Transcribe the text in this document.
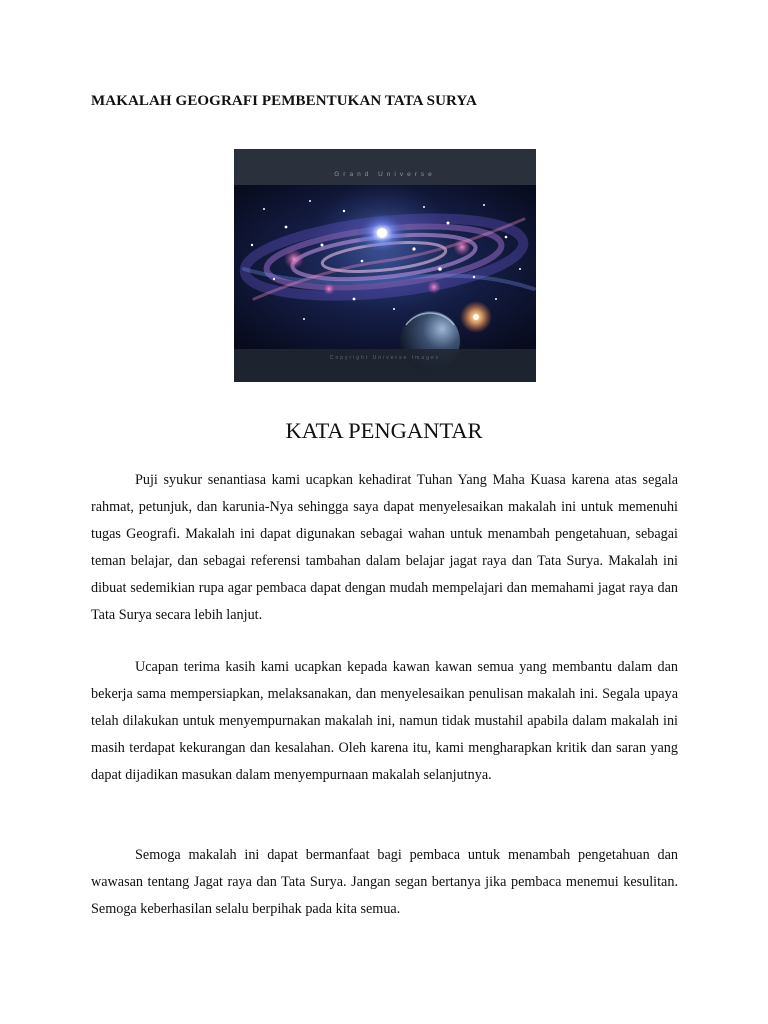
MAKALAH GEOGRAFI PEMBENTUKAN TATA SURYA
Grand Universe
Copyright Universe Images
KATA PENGANTAR

Puji syukur senantiasa kami ucapkan kehadirat Tuhan Yang Maha Kuasa karena atas segala rahmat, petunjuk, dan karunia-Nya sehingga saya dapat menyelesaikan makalah ini untuk memenuhi tugas Geografi. Makalah ini dapat digunakan sebagai wahan untuk menambah pengetahuan, sebagai teman belajar, dan sebagai referensi tambahan dalam belajar jagat raya dan Tata Surya. Makalah ini dibuat sedemikian rupa agar pembaca dapat dengan mudah mempelajari dan memahami jagat raya dan Tata Surya secara lebih lanjut.

Ucapan terima kasih kami ucapkan kepada kawan kawan semua yang membantu dalam dan bekerja sama mempersiapkan, melaksanakan, dan menyelesaikan penulisan makalah ini. Segala upaya telah dilakukan untuk menyempurnakan makalah ini, namun tidak mustahil apabila dalam makalah ini masih terdapat kekurangan dan kesalahan. Oleh karena itu, kami mengharapkan kritik dan saran yang dapat dijadikan masukan dalam menyempurnaan makalah selanjutnya.

Semoga makalah ini dapat bermanfaat bagi pembaca untuk menambah pengetahuan dan wawasan tentang Jagat raya dan Tata Surya. Jangan segan bertanya jika pembaca menemui kesulitan. Semoga keberhasilan selalu berpihak pada kita semua.
